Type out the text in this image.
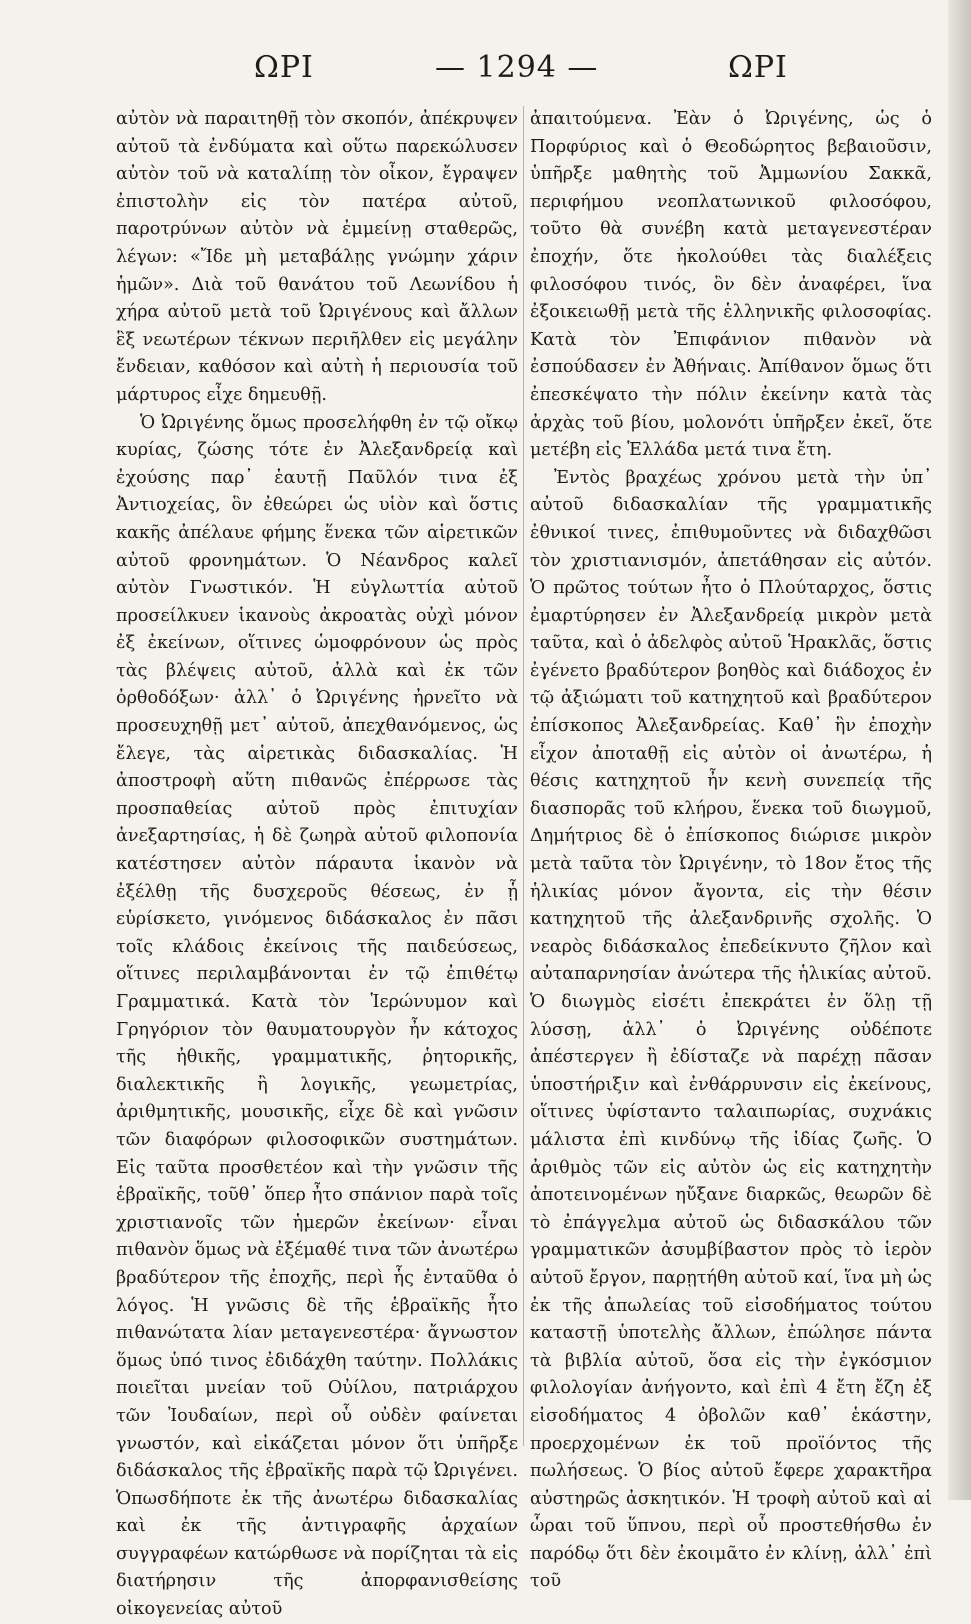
ΩΡΙ	— 1294 —	ΩΡΙ

αὐτὸν νὰ παραιτηθῇ τὸν σκοπόν, ἀπέκρυψεν αὐτοῦ τὰ ἐνδύματα καὶ οὕτω παρεκώλυσεν αὐτὸν τοῦ νὰ καταλίπῃ τὸν οἶκον, ἔγραψεν ἐπιστολὴν εἰς τὸν πατέρα αὐτοῦ, παροτρύνων αὐτὸν νὰ ἐμμείνῃ σταθερῶς, λέγων: «Ἴδε μὴ μεταβάλῃς γνώμην χάριν ἡμῶν». Διὰ τοῦ θανάτου τοῦ Λεωνίδου ἡ χήρα αὐτοῦ μετὰ τοῦ Ὠριγένους καὶ ἄλλων ἓξ νεωτέρων τέκνων περιῆλθεν εἰς μεγάλην ἔνδειαν, καθόσον καὶ αὐτὴ ἡ περιουσία τοῦ μάρτυρος εἶχε δημευθῇ.

Ὁ Ὠριγένης ὅμως προσελήφθη ἐν τῷ οἴκῳ κυρίας, ζώσης τότε ἐν Ἀλεξανδρείᾳ καὶ ἐχούσης παρ᾽ ἑαυτῇ Παῦλόν τινα ἐξ Ἀντιοχείας, ὃν ἐθεώρει ὡς υἱὸν καὶ ὅστις κακῆς ἀπέλαυε φήμης ἕνεκα τῶν αἱρετικῶν αὐτοῦ φρονημάτων. Ὁ Νέανδρος καλεῖ αὐτὸν Γνωστικόν. Ἡ εὐγλωττία αὐτοῦ προσείλκυεν ἱκανοὺς ἀκροατὰς οὐχὶ μόνον ἐξ ἐκείνων, οἵτινες ὡμοφρόνουν ὡς πρὸς τὰς βλέψεις αὐτοῦ, ἀλλὰ καὶ ἐκ τῶν ὀρθοδόξων· ἀλλ᾽ ὁ Ὠριγένης ἠρνεῖτο νὰ προσευχηθῇ μετ᾽ αὐτοῦ, ἀπεχθανόμενος, ὡς ἔλεγε, τὰς αἱρετικὰς διδασκαλίας. Ἡ ἀποστροφὴ αὕτη πιθανῶς ἐπέρρωσε τὰς προσπαθείας αὐτοῦ πρὸς ἐπιτυχίαν ἀνεξαρτησίας, ἡ δὲ ζωηρὰ αὐτοῦ φιλοπονία κατέστησεν αὐτὸν πάραυτα ἱκανὸν νὰ ἐξέλθῃ τῆς δυσχεροῦς θέσεως, ἐν ᾗ εὑρίσκετο, γινόμενος διδάσκαλος ἐν πᾶσι τοῖς κλάδοις ἐκείνοις τῆς παιδεύσεως, οἵτινες περιλαμβάνονται ἐν τῷ ἐπιθέτῳ Γραμματικά. Κατὰ τὸν Ἱερώνυμον καὶ Γρηγόριον τὸν θαυματουργὸν ἦν κάτοχος τῆς ἠθικῆς, γραμματικῆς, ῥητορικῆς, διαλεκτικῆς ἢ λογικῆς, γεωμετρίας, ἀριθμητικῆς, μουσικῆς, εἶχε δὲ καὶ γνῶσιν τῶν διαφόρων φιλοσοφικῶν συστημάτων. Εἰς ταῦτα προσθετέον καὶ τὴν γνῶσιν τῆς ἑβραϊκῆς, τοῦθ᾽ ὅπερ ἦτο σπάνιον παρὰ τοῖς χριστιανοῖς τῶν ἡμερῶν ἐκείνων· εἶναι πιθανὸν ὅμως νὰ ἐξέμαθέ τινα τῶν ἀνωτέρω βραδύτερον τῆς ἐποχῆς, περὶ ἧς ἐνταῦθα ὁ λόγος. Ἡ γνῶσις δὲ τῆς ἑβραϊκῆς ἦτο πιθανώτατα λίαν μεταγενεστέρα· ἄγνωστον ὅμως ὑπό τινος ἐδιδάχθη ταύτην. Πολλάκις ποιεῖται μνείαν τοῦ Οὐίλου, πατριάρχου τῶν Ἰουδαίων, περὶ οὗ οὐδὲν φαίνεται γνωστόν, καὶ εἰκάζεται μόνον ὅτι ὑπῆρξε διδάσκαλος τῆς ἑβραϊκῆς παρὰ τῷ Ὠριγένει. Ὁπωσδήποτε ἐκ τῆς ἀνωτέρω διδασκαλίας καὶ ἐκ τῆς ἀντιγραφῆς ἀρχαίων συγγραφέων κατώρθωσε νὰ πορίζηται τὰ εἰς διατήρησιν τῆς ἀπορφανισθείσης οἰκογενείας αὐτοῦ

ἀπαιτούμενα. Ἐὰν ὁ Ὠριγένης, ὡς ὁ Πορφύριος καὶ ὁ Θεοδώρητος βεβαιοῦσιν, ὑπῆρξε μαθητὴς τοῦ Ἀμμωνίου Σακκᾶ, περιφήμου νεοπλατωνικοῦ φιλοσόφου, τοῦτο θὰ συνέβη κατὰ μεταγενεστέραν ἐποχήν, ὅτε ἠκολούθει τὰς διαλέξεις φιλοσόφου τινός, ὃν δὲν ἀναφέρει, ἵνα ἐξοικειωθῇ μετὰ τῆς ἑλληνικῆς φιλοσοφίας. Κατὰ τὸν Ἐπιφάνιον πιθανὸν νὰ ἐσπούδασεν ἐν Ἀθήναις. Ἀπίθανον ὅμως ὅτι ἐπεσκέψατο τὴν πόλιν ἐκείνην κατὰ τὰς ἀρχὰς τοῦ βίου, μολονότι ὑπῆρξεν ἐκεῖ, ὅτε μετέβη εἰς Ἑλλάδα μετά τινα ἔτη.

Ἐντὸς βραχέως χρόνου μετὰ τὴν ὑπ᾽ αὐτοῦ διδασκαλίαν τῆς γραμματικῆς ἐθνικοί τινες, ἐπιθυμοῦντες νὰ διδαχθῶσι τὸν χριστιανισμόν, ἀπετάθησαν εἰς αὐτόν. Ὁ πρῶτος τούτων ἦτο ὁ Πλούταρχος, ὅστις ἐμαρτύρησεν ἐν Ἀλεξανδρείᾳ μικρὸν μετὰ ταῦτα, καὶ ὁ ἀδελφὸς αὐτοῦ Ἡρακλᾶς, ὅστις ἐγένετο βραδύτερον βοηθὸς καὶ διάδοχος ἐν τῷ ἀξιώματι τοῦ κατηχητοῦ καὶ βραδύτερον ἐπίσκοπος Ἀλεξανδρείας. Καθ᾽ ἣν ἐποχὴν εἶχον ἀποταθῇ εἰς αὐτὸν οἱ ἀνωτέρω, ἡ θέσις κατηχητοῦ ἦν κενὴ συνεπείᾳ τῆς διασπορᾶς τοῦ κλήρου, ἕνεκα τοῦ διωγμοῦ, Δημήτριος δὲ ὁ ἐπίσκοπος διώρισε μικρὸν μετὰ ταῦτα τὸν Ὠριγένην, τὸ 18ον ἔτος τῆς ἡλικίας μόνον ἄγοντα, εἰς τὴν θέσιν κατηχητοῦ τῆς ἀλεξανδρινῆς σχολῆς. Ὁ νεαρὸς διδάσκαλος ἐπεδείκνυτο ζῆλον καὶ αὐταπαρνησίαν ἀνώτερα τῆς ἡλικίας αὐτοῦ. Ὁ διωγμὸς εἰσέτι ἐπεκράτει ἐν ὅλῃ τῇ λύσσῃ, ἀλλ᾽ ὁ Ὠριγένης οὐδέποτε ἀπέστεργεν ἢ ἐδίσταζε νὰ παρέχῃ πᾶσαν ὑποστήριξιν καὶ ἐνθάρρυνσιν εἰς ἐκείνους, οἵτινες ὑφίσταντο ταλαιπωρίας, συχνάκις μάλιστα ἐπὶ κινδύνῳ τῆς ἰδίας ζωῆς. Ὁ ἀριθμὸς τῶν εἰς αὐτὸν ὡς εἰς κατηχητὴν ἀποτεινομένων ηὔξανε διαρκῶς, θεωρῶν δὲ τὸ ἐπάγγελμα αὐτοῦ ὡς διδασκάλου τῶν γραμματικῶν ἀσυμβίβαστον πρὸς τὸ ἱερὸν αὐτοῦ ἔργον, παρῃτήθη αὐτοῦ καί, ἵνα μὴ ὡς ἐκ τῆς ἀπωλείας τοῦ εἰσοδήματος τούτου καταστῇ ὑποτελὴς ἄλλων, ἐπώλησε πάντα τὰ βιβλία αὐτοῦ, ὅσα εἰς τὴν ἐγκόσμιον φιλολογίαν ἀνήγοντο, καὶ ἐπὶ 4 ἔτη ἔζη ἐξ εἰσοδήματος 4 ὀβολῶν καθ᾽ ἑκάστην, προερχομένων ἐκ τοῦ προϊόντος τῆς πωλήσεως. Ὁ βίος αὐτοῦ ἔφερε χαρακτῆρα αὐστηρῶς ἀσκητικόν. Ἡ τροφὴ αὐτοῦ καὶ αἱ ὧραι τοῦ ὕπνου, περὶ οὗ προστεθήσθω ἐν παρόδῳ ὅτι δὲν ἐκοιμᾶτο ἐν κλίνῃ, ἀλλ᾽ ἐπὶ τοῦ
